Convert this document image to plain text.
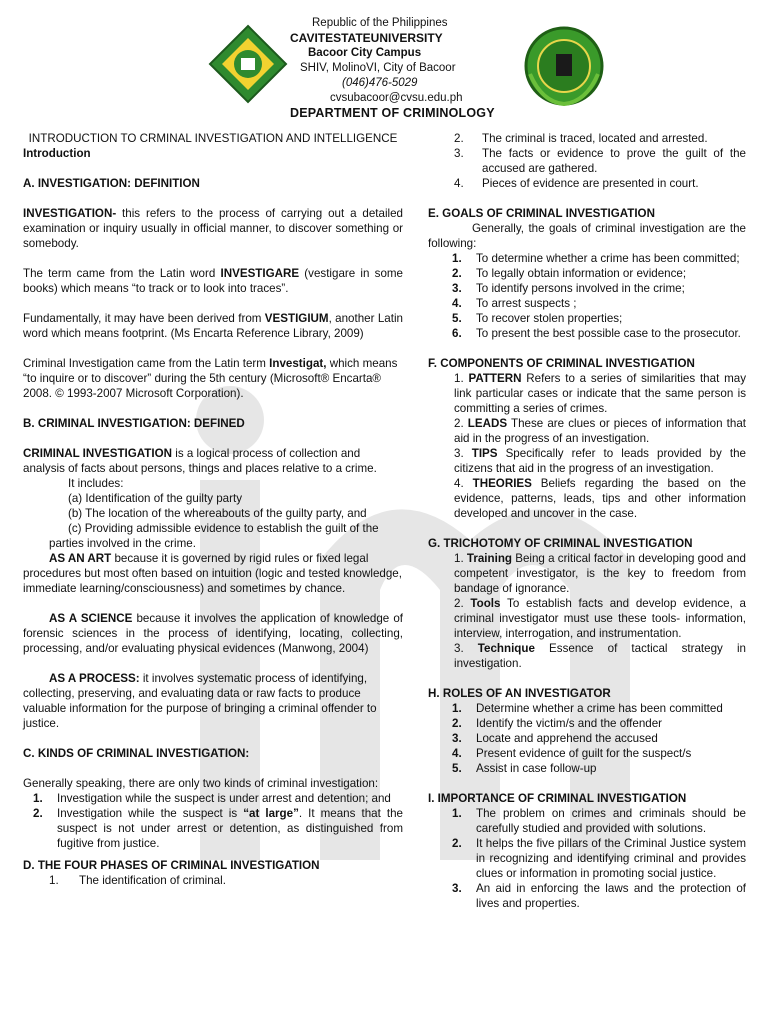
Republic of the Philippines
CAVITESTATEUNIVERSITY
Bacoor City Campus
SHIV, MolinoVI, City of Bacoor
(046)476-5029
cvsubacoor@cvsu.edu.ph
DEPARTMENT OF CRIMINOLOGY

INTRODUCTION TO CRMINAL INVESTIGATION AND INTELLIGENCE

Introduction

A. INVESTIGATION: DEFINITION

INVESTIGATION- this refers to the process of carrying out a detailed examination or inquiry usually in official manner, to discover something or somebody.

The term came from the Latin word INVESTIGARE (vestigare in some books) which means “to track or to look into traces”.

Fundamentally, it may have been derived from VESTIGIUM, another Latin word which means footprint. (Ms Encarta Reference Library, 2009)

Criminal Investigation came from the Latin term Investigat, which means “to inquire or to discover” during the 5th century (Microsoft® Encarta® 2008. © 1993-2007 Microsoft Corporation).

B. CRIMINAL INVESTIGATION: DEFINED

CRIMINAL INVESTIGATION is a logical process of collection and analysis of facts about persons, things and places relative to a crime.

It includes:

(a) Identification of the guilty party

(b) The location of the whereabouts of the guilty party, and

(c) Providing admissible evidence to establish the guilt of the parties involved in the crime.

AS AN ART because it is governed by rigid rules or fixed legal procedures but most often based on intuition (logic and tested knowledge, immediate learning/consciousness) and sometimes by chance.

AS A SCIENCE because it involves the application of knowledge of forensic sciences in the process of identifying, locating, collecting, processing, and/or evaluating physical evidences (Manwong, 2004)

AS A PROCESS: it involves systematic process of identifying, collecting, preserving, and evaluating data or raw facts to produce valuable information for the purpose of bringing a criminal offender to justice.

C. KINDS OF CRIMINAL INVESTIGATION:

Generally speaking, there are only two kinds of criminal investigation:

1.	Investigation while the suspect is under arrest and detention; and
2.	Investigation while the suspect is “at large”. It means that the suspect is not under arrest or detention, as distinguished from fugitive from justice.

D. THE FOUR PHASES OF CRIMINAL INVESTIGATION

1.	The identification of criminal.
2.	The criminal is traced, located and arrested.
3.	The facts or evidence to prove the guilt of the accused are gathered.
4.	Pieces of evidence are presented in court.

E. GOALS OF CRIMINAL INVESTIGATION

Generally, the goals of criminal investigation are the following:

1.	To determine whether a crime has been committed;
2.	To legally obtain information or evidence;
3.	To identify persons involved in the crime;
4.	To arrest suspects ;
5.	To recover stolen properties;
6.	To present the best possible case to the prosecutor.

F. COMPONENTS OF CRIMINAL INVESTIGATION

1. PATTERN Refers to a series of similarities that may link particular cases or indicate that the same person is committing a series of crimes.

2. LEADS These are clues or pieces of information that aid in the progress of an investigation.

3. TIPS Specifically refer to leads provided by the citizens that aid in the progress of an investigation.

4. THEORIES Beliefs regarding the based on the evidence, patterns, leads, tips and other information developed and uncover in the case.

G. TRICHOTOMY OF CRIMINAL INVESTIGATION

1. Training Being a critical factor in developing good and competent investigator, is the key to freedom from bandage of ignorance.

2. Tools To establish facts and develop evidence, a criminal investigator must use these tools- information, interview, interrogation, and instrumentation.

3. Technique Essence of tactical strategy in investigation.

H. ROLES OF AN INVESTIGATOR

1.	Determine whether a crime has been committed
2.	Identify the victim/s and the offender
3.	Locate and apprehend the accused
4.	Present evidence of guilt for the suspect/s
5.	Assist in case follow-up

I. IMPORTANCE OF CRIMINAL INVESTIGATION

1.	The problem on crimes and criminals should be carefully studied and provided with solutions.
2.	It helps the five pillars of the Criminal Justice system in recognizing and identifying criminal and provides clues or information in promoting social justice.
3.	An aid in enforcing the laws and the protection of lives and properties.
